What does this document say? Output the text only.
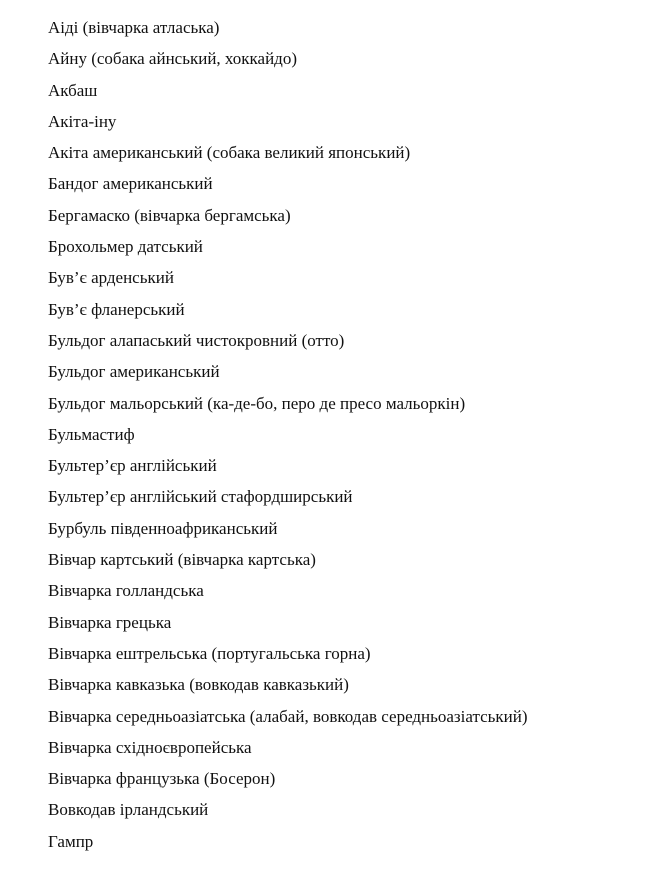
Аіді (вівчарка атласька)
Айну (собака айнський, хоккайдо)
Акбаш
Акіта-іну
Акіта американський (собака великий японський)
Бандог американський
Бергамаско (вівчарка бергамська)
Брохольмер датський
Був’є арденський
Був’є фланерський
Бульдог алапаський чистокровний (отто)
Бульдог американський
Бульдог мальорський (ка-де-бо, перо де пресо мальоркін)
Бульмастиф
Бультер’єр англійський
Бультер’єр англійський стафордширський
Бурбуль південноафриканський
Вівчар картський (вівчарка картська)
Вівчарка голландська
Вівчарка грецька
Вівчарка ештрельська (португальська горна)
Вівчарка кавказька (вовкодав кавказький)
Вівчарка середньоазіатська (алабай, вовкодав середньоазіатський)
Вівчарка східноєвропейська
Вівчарка французька (Босерон)
Вовкодав ірландський
Гампр
